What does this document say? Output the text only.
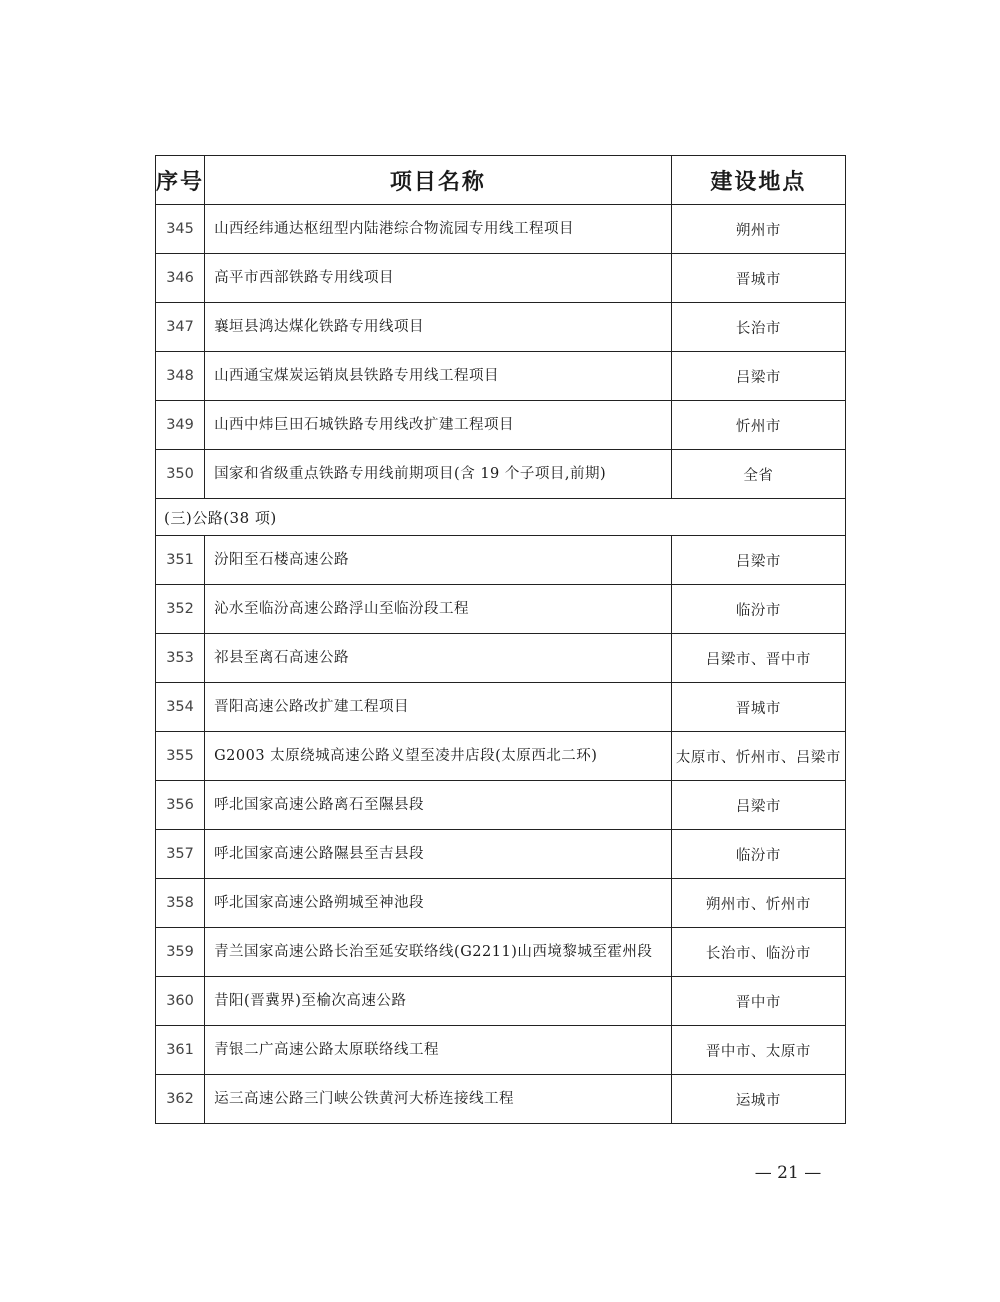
序号	项目名称	建设地点
345	山西经纬通达枢纽型内陆港综合物流园专用线工程项目	朔州市
346	高平市西部铁路专用线项目	晋城市
347	襄垣县鸿达煤化铁路专用线项目	长治市
348	山西通宝煤炭运销岚县铁路专用线工程项目	吕梁市
349	山西中炜巨田石城铁路专用线改扩建工程项目	忻州市
350	国家和省级重点铁路专用线前期项目(含 19 个子项目,前期)	全省
(三)公路(38 项)		
351	汾阳至石楼高速公路	吕梁市
352	沁水至临汾高速公路浮山至临汾段工程	临汾市
353	祁县至离石高速公路	吕梁市、晋中市
354	晋阳高速公路改扩建工程项目	晋城市
355	G2003 太原绕城高速公路义望至凌井店段(太原西北二环)	太原市、忻州市、吕梁市
356	呼北国家高速公路离石至隰县段	吕梁市
357	呼北国家高速公路隰县至吉县段	临汾市
358	呼北国家高速公路朔城至神池段	朔州市、忻州市
359	青兰国家高速公路长治至延安联络线(G2211)山西境黎城至霍州段	长治市、临汾市
360	昔阳(晋冀界)至榆次高速公路	晋中市
361	青银二广高速公路太原联络线工程	晋中市、太原市
362	运三高速公路三门峡公铁黄河大桥连接线工程	运城市
— 21 —
